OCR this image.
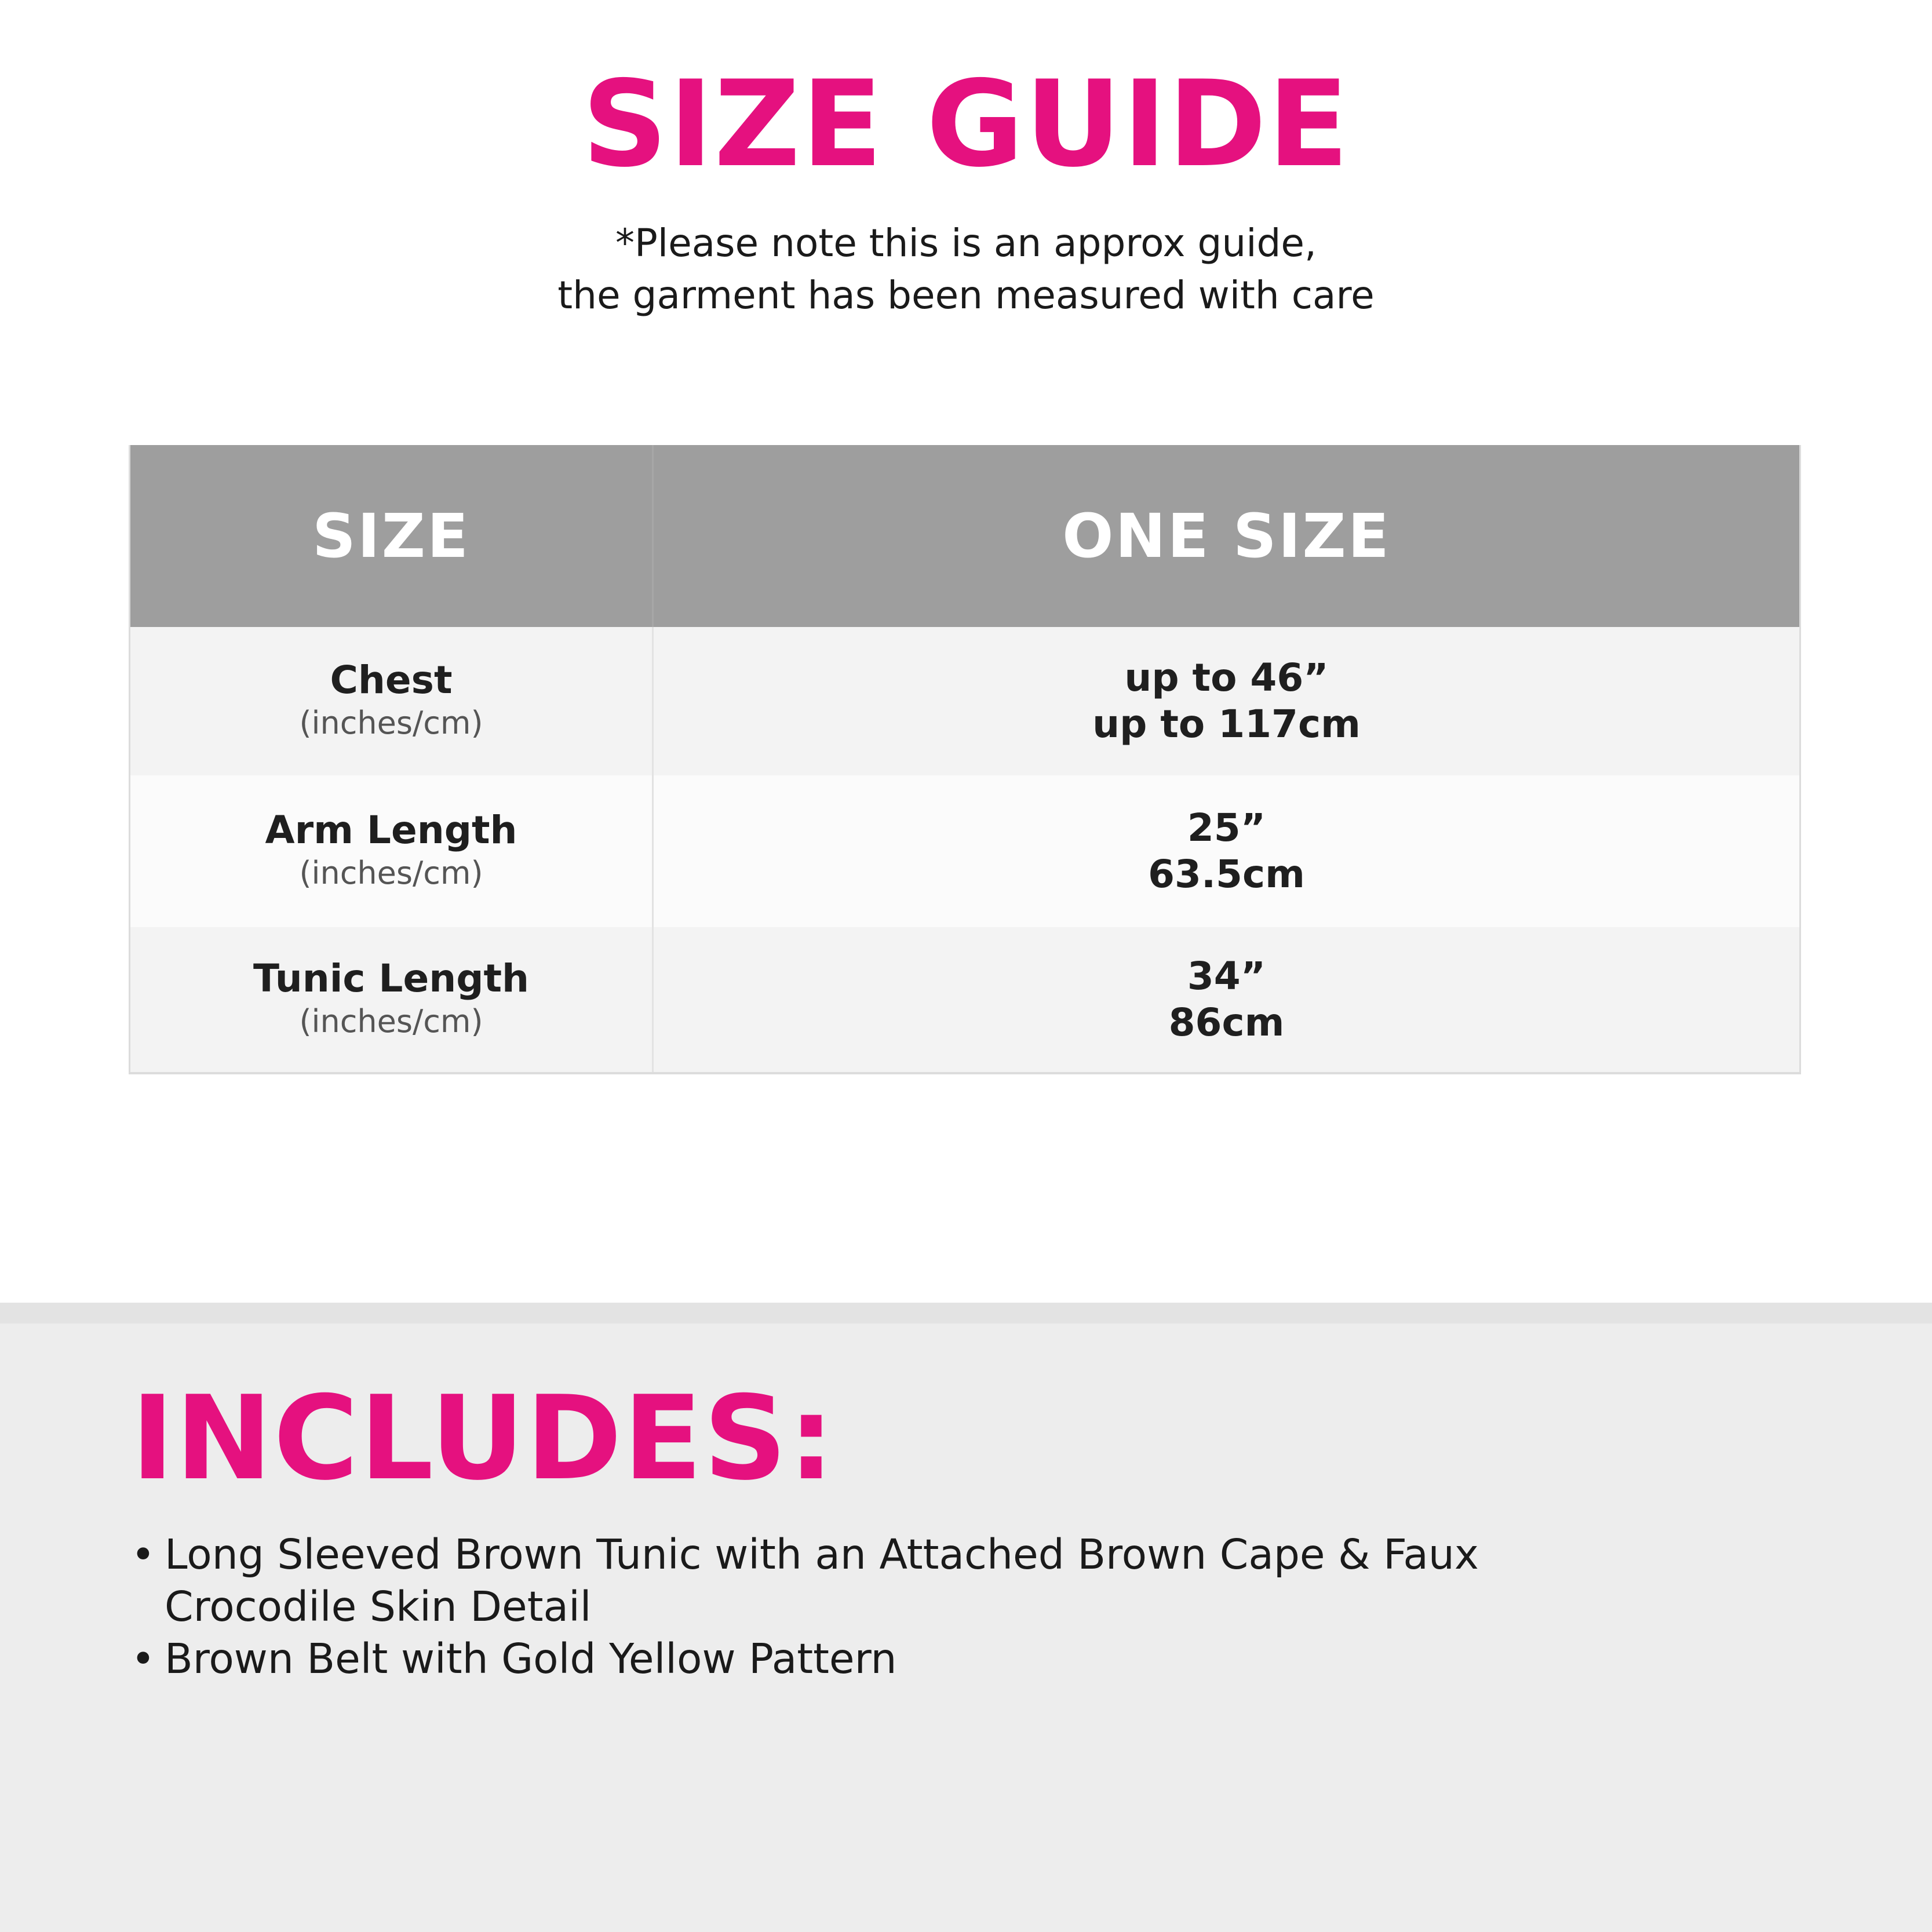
SIZE GUIDE

*Please note this is an approx guide,
the garment has been measured with care

SIZE	ONE SIZE
Chest
(inches/cm)
up to 46”
up to 117cm
Arm Length
(inches/cm)
25”
63.5cm
Tunic Length
(inches/cm)
34”
86cm
INCLUDES:
• Long Sleeved Brown Tunic with an Attached Brown Cape & Faux Crocodile Skin Detail
• Brown Belt with Gold Yellow Pattern
